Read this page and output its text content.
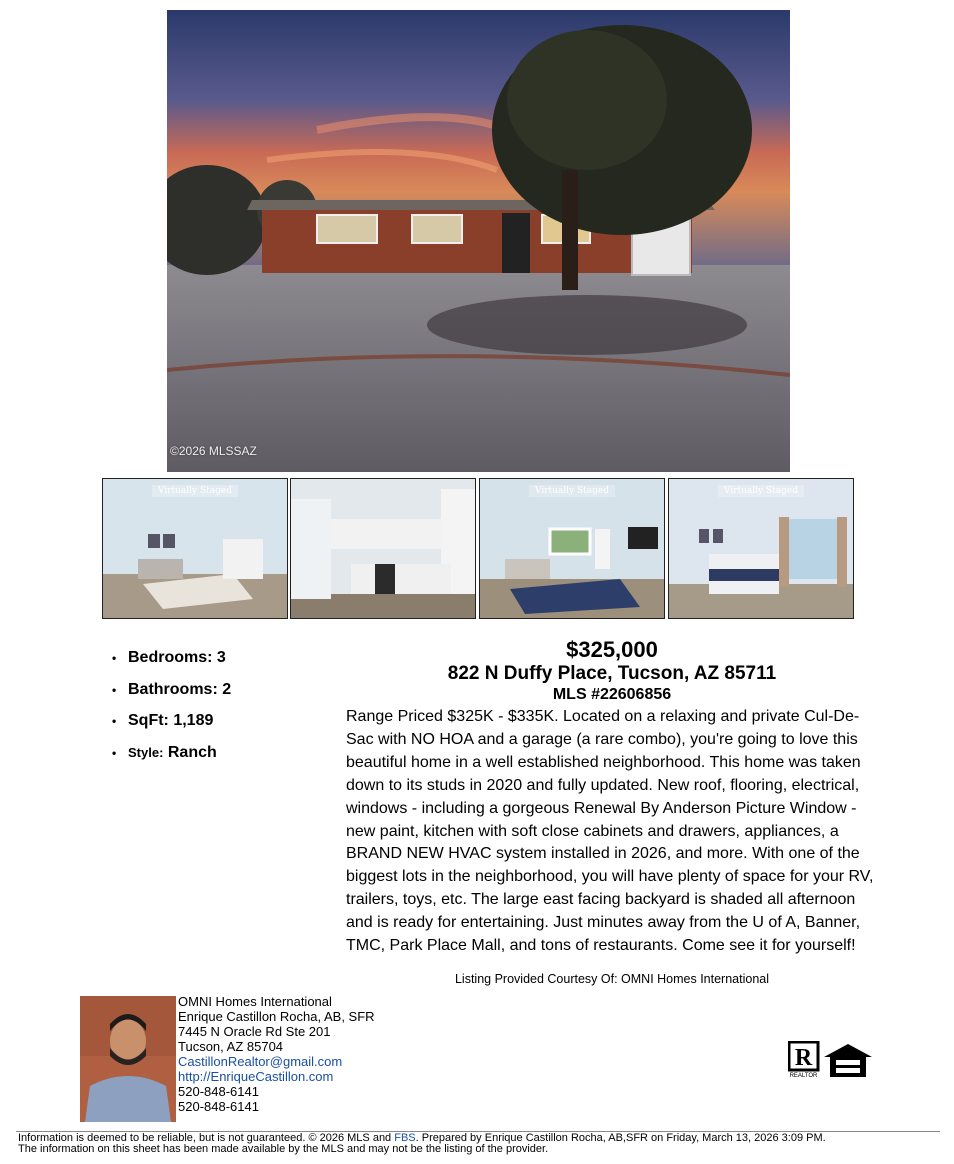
©2026 MLSSAZ
Virtually Staged	Virtually Staged	Virtually Staged
• Bedrooms: 3
• Bathrooms: 2
• SqFt: 1,189
• Style: Ranch
$325,000
822 N Duffy Place, Tucson, AZ 85711
MLS #22606856

Range Priced $325K - $335K. Located on a relaxing and private Cul-De-Sac with NO HOA and a garage (a rare combo), you're going to love this beautiful home in a well established neighborhood. This home was taken down to its studs in 2020 and fully updated. New roof, flooring, electrical, windows - including a gorgeous Renewal By Anderson Picture Window - new paint, kitchen with soft close cabinets and drawers, appliances, a BRAND NEW HVAC system installed in 2026, and more. With one of the biggest lots in the neighborhood, you will have plenty of space for your RV, trailers, toys, etc. The large east facing backyard is shaded all afternoon and is ready for entertaining. Just minutes away from the U of A, Banner, TMC, Park Place Mall, and tons of restaurants. Come see it for yourself!

Listing Provided Courtesy Of: OMNI Homes International
OMNI Homes International
Enrique Castillon Rocha, AB, SFR
7445 N Oracle Rd Ste 201
Tucson, AZ 85704
CastillonRealtor@gmail.com
http://EnriqueCastillon.com
520-848-6141
520-848-6141
R
REALTOR
Information is deemed to be reliable, but is not guaranteed. © 2026 MLS and FBS. Prepared by Enrique Castillon Rocha, AB,SFR on Friday, March 13, 2026 3:09 PM.
The information on this sheet has been made available by the MLS and may not be the listing of the provider.
